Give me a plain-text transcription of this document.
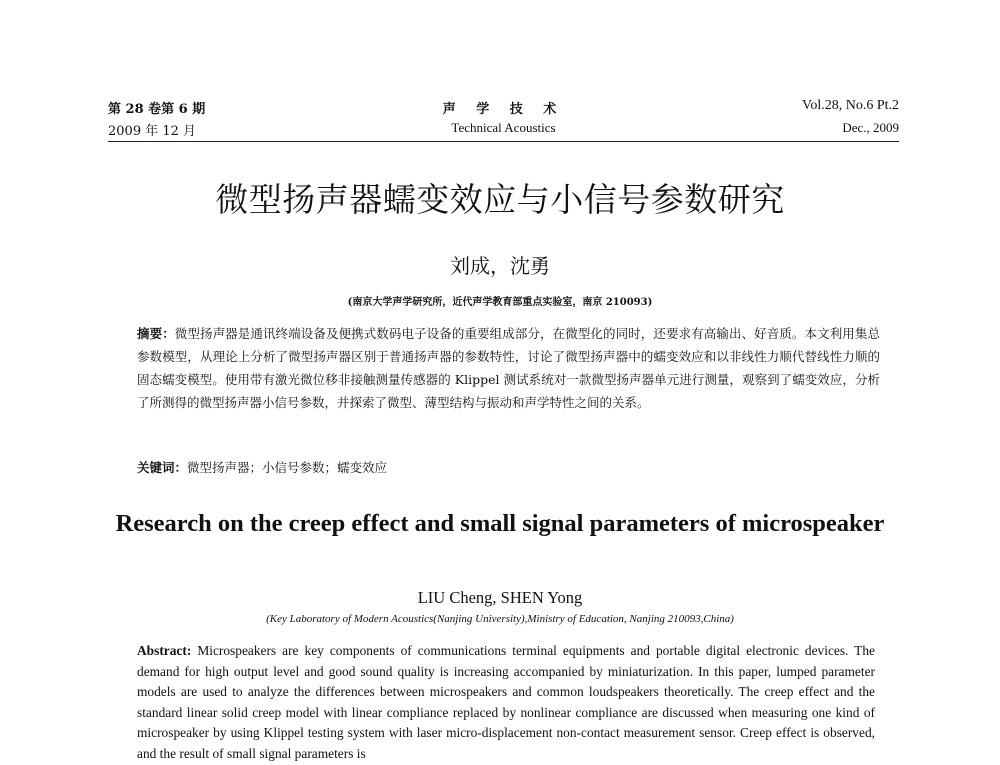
第 28 卷第 6 期
2009 年 12 月
声 学 技 术
Technical Acoustics
Vol.28, No.6 Pt.2
Dec., 2009
微型扬声器蠕变效应与小信号参数研究
刘成，沈勇
(南京大学声学研究所，近代声学教育部重点实验室，南京 210093)
摘要：微型扬声器是通讯终端设备及便携式数码电子设备的重要组成部分，在微型化的同时，还要求有高输出、好音质。本文利用集总参数模型，从理论上分析了微型扬声器区别于普通扬声器的参数特性，讨论了微型扬声器中的蠕变效应和以非线性力顺代替线性力顺的固态蠕变模型。使用带有激光微位移非接触测量传感器的 Klippel 测试系统对一款微型扬声器单元进行测量，观察到了蠕变效应，分析了所测得的微型扬声器小信号参数，并探索了微型、薄型结构与振动和声学特性之间的关系。
关键词：微型扬声器；小信号参数；蠕变效应
Research on the creep effect and small signal parameters of microspeaker
LIU Cheng, SHEN Yong
(Key Laboratory of Modern Acoustics(Nanjing University),Ministry of Education, Nanjing 210093,China)
Abstract: Microspeakers are key components of communications terminal equipments and portable digital electronic devices. The demand for high output level and good sound quality is increasing accompanied by miniaturization. In this paper, lumped parameter models are used to analyze the differences between microspeakers and common loudspeakers theoretically. The creep effect and the standard linear solid creep model with linear compliance replaced by nonlinear compliance are discussed when measuring one kind of microspeaker by using Klippel testing system with laser micro-displacement non-contact measurement sensor. Creep effect is observed, and the result of small signal parameters is
